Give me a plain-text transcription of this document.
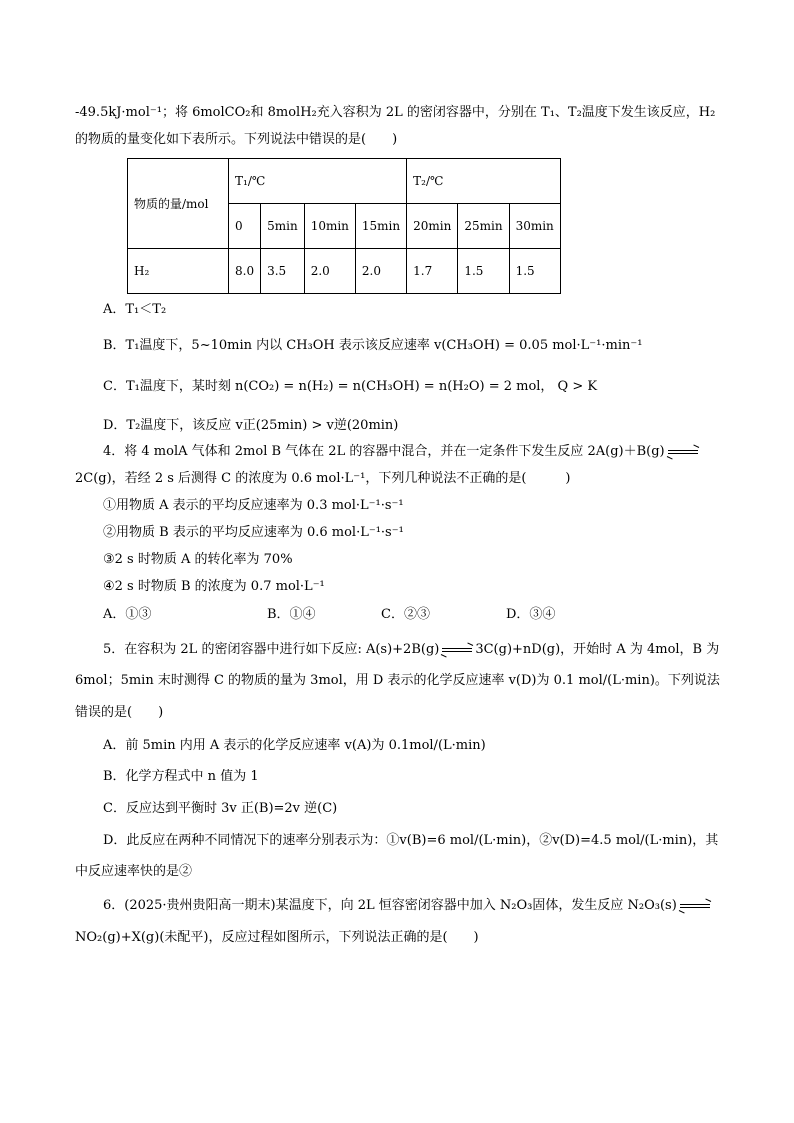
-49.5kJ·mol⁻¹；将 6molCO₂和 8molH₂充入容积为 2L 的密闭容器中，分别在 T₁、T₂温度下发生该反应，H₂
的物质的量变化如下表所示。下列说法中错误的是(　　)
物质的量/mol	T₁/℃				T₂/℃		
	0	5min	10min	15min	20min	25min	30min
H₂	8.0	3.5	2.0	2.0	1.7	1.5	1.5
A．T₁＜T₂
B．T₁温度下，5~10min 内以 CH₃OH 表示该反应速率 v(CH₃OH) = 0.05 mol·L⁻¹·min⁻¹
C．T₁温度下，某时刻 n(CO₂) = n(H₂) = n(CH₃OH) = n(H₂O) = 2 mol， Q > K
D．T₂温度下，该反应 v正(25min) > v逆(20min)
4．将 4 molA 气体和 2mol B 气体在 2L 的容器中混合，并在一定条件下发生反应 2A(g)＋B(g)
2C(g)，若经 2 s 后测得 C 的浓度为 0.6 mol·L⁻¹，下列几种说法不正确的是(　　　)
①用物质 A 表示的平均反应速率为 0.3 mol·L⁻¹·s⁻¹
②用物质 B 表示的平均反应速率为 0.6 mol·L⁻¹·s⁻¹
③2 s 时物质 A 的转化率为 70%
④2 s 时物质 B 的浓度为 0.7 mol·L⁻¹
A．①③	B．①④	C．②③	D．③④
5．在容积为 2L 的密闭容器中进行如下反应: A(s)+2B(g)	3C(g)+nD(g)，开始时 A 为 4mol，B 为
6mol；5min 末时测得 C 的物质的量为 3mol，用 D 表示的化学反应速率 v(D)为 0.1 mol/(L·min)。下列说法
错误的是(　　)
A．前 5min 内用 A 表示的化学反应速率 v(A)为 0.1mol/(L·min)
B．化学方程式中 n 值为 1
C．反应达到平衡时 3v 正(B)=2v 逆(C)
D．此反应在两种不同情况下的速率分别表示为：①v(B)=6 mol/(L·min)，②v(D)=4.5 mol/(L·min)，其
中反应速率快的是②
6．(2025·贵州贵阳高一期末)某温度下，向 2L 恒容密闭容器中加入 N₂O₃固体，发生反应 N₂O₃(s)
NO₂(g)+X(g)(未配平)，反应过程如图所示，下列说法正确的是(　　)
